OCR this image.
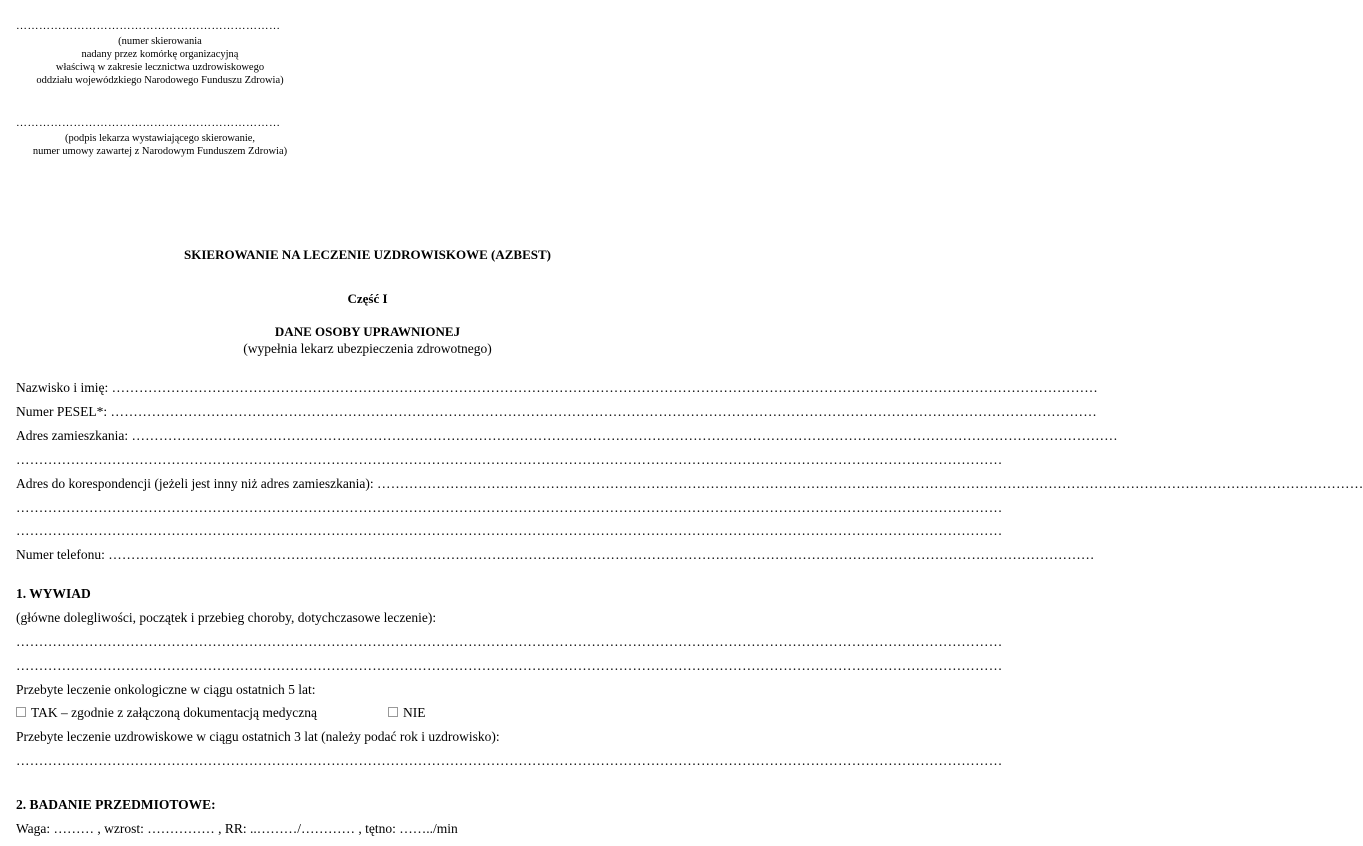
……………………………………………………………
(numer skierowania
nadany przez komórkę organizacyjną
właściwą w zakresie lecznictwa uzdrowiskowego
oddziału wojewódzkiego Narodowego Funduszu Zdrowia)
……………………………………………………………
(podpis lekarza wystawiającego skierowanie,
numer umowy zawartej z Narodowym Funduszem Zdrowia)
SKIEROWANIE NA LECZENIE UZDROWISKOWE (AZBEST)
Część I
DANE OSOBY UPRAWNIONEJ
(wypełnia lekarz ubezpieczenia zdrowotnego)
Nazwisko i imię:
………………………………………………………………………………………………………………………………………………………………………………………………
Numer PESEL*:
………………………………………………………………………………………………………………………………………………………………………………………………
Adres zamieszkania:
………………………………………………………………………………………………………………………………………………………………………………………………
………………………………………………………………………………………………………………………………………………………………………………………………
Adres do korespondencji (jeżeli jest inny niż adres zamieszkania):
………………………………………………………………………………………………………………………………………………………………………………………………
………………………………………………………………………………………………………………………………………………………………………………………………
………………………………………………………………………………………………………………………………………………………………………………………………
Numer telefonu:
………………………………………………………………………………………………………………………………………………………………………………………………
1. WYWIAD
(główne dolegliwości, początek i przebieg choroby, dotychczasowe leczenie):
………………………………………………………………………………………………………………………………………………………………………………………………
………………………………………………………………………………………………………………………………………………………………………………………………
Przebyte leczenie onkologiczne w ciągu ostatnich 5 lat:
TAK – zgodnie z załączoną dokumentacją medyczną	NIE
Przebyte leczenie uzdrowiskowe w ciągu ostatnich 3 lat (należy podać rok i uzdrowisko):
………………………………………………………………………………………………………………………………………………………………………………………………
2. BADANIE PRZEDMIOTOWE:
Waga: ……… , wzrost: …………… , RR: ..………/………… , tętno: ……../min
